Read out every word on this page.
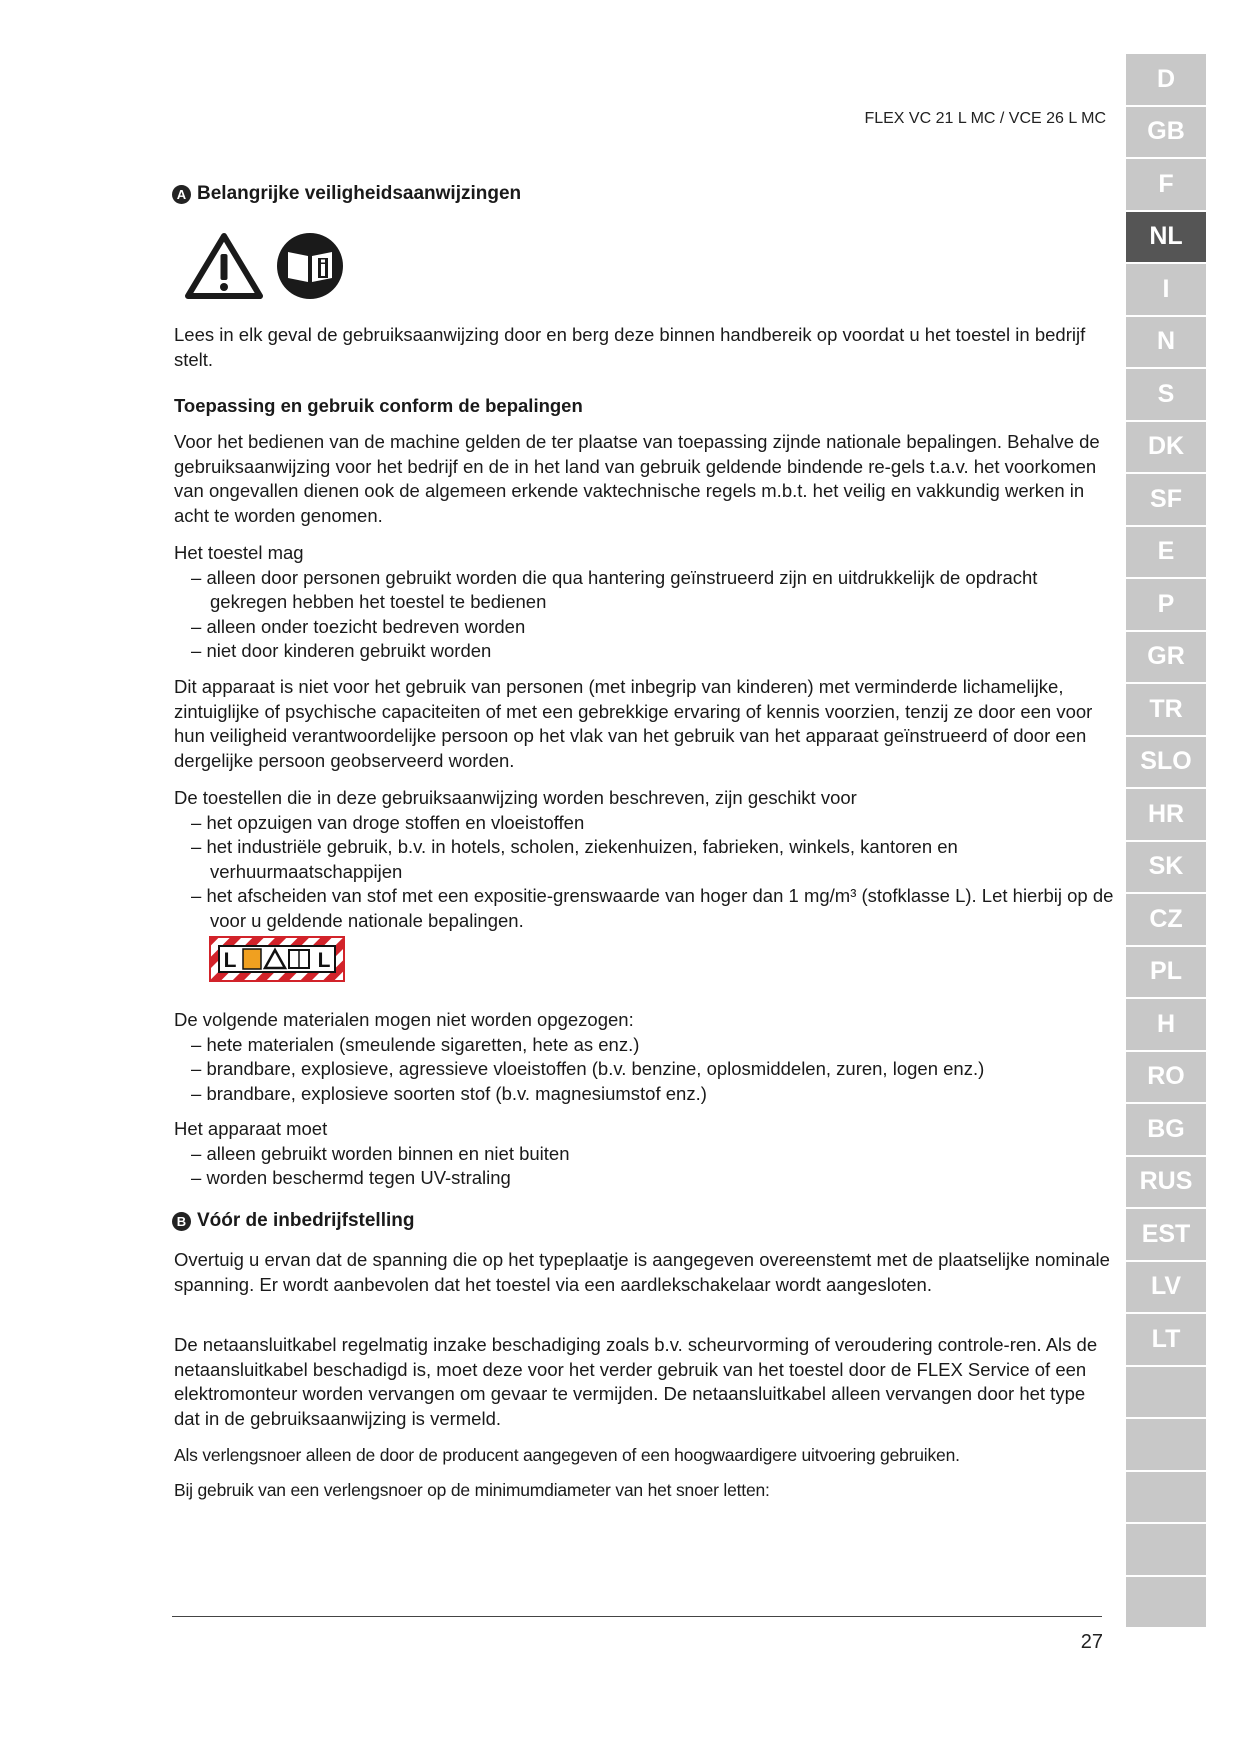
FLEX VC 21 L MC / VCE 26 L MC
A Belangrijke veiligheidsaanwijzingen

Lees in elk geval de gebruiksaanwijzing door en berg deze binnen handbereik op voordat u het toestel in bedrijf stelt.

Toepassing en gebruik conform de bepalingen

Voor het bedienen van de machine gelden de ter plaatse van toepassing zijnde nationale bepalingen. Behalve de gebruiksaanwijzing voor het bedrijf en de in het land van gebruik geldende bindende re-gels t.a.v. het voorkomen van ongevallen dienen ook de algemeen erkende vaktechnische regels m.b.t. het veilig en vakkundig werken in acht te worden genomen.

Het toestel mag
– alleen door personen gebruikt worden die qua hantering geïnstrueerd zijn en uitdrukkelijk de opdracht gekregen hebben het toestel te bedienen
– alleen onder toezicht bedreven worden
– niet door kinderen gebruikt worden

Dit apparaat is niet voor het gebruik van personen (met inbegrip van kinderen) met verminderde lichamelijke, zintuiglijke of psychische capaciteiten of met een gebrekkige ervaring of kennis voorzien, tenzij ze door een voor hun veiligheid verantwoordelijke persoon op het vlak van het gebruik van het apparaat geïnstrueerd of door een dergelijke persoon geobserveerd worden.

De toestellen die in deze gebruiksaanwijzing worden beschreven, zijn geschikt voor
– het opzuigen van droge stoffen en vloeistoffen
– het industriële gebruik, b.v. in hotels, scholen, ziekenhuizen, fabrieken, winkels, kantoren en verhuurmaatschappijen
– het afscheiden van stof met een expositie-grenswaarde van hoger dan 1 mg/m³ (stofklasse L). Let hierbij op de voor u geldende nationale bepalingen.
L	L
De volgende materialen mogen niet worden opgezogen:
– hete materialen (smeulende sigaretten, hete as enz.)
– brandbare, explosieve, agressieve vloeistoffen (b.v. benzine, oplosmiddelen, zuren, logen enz.)
– brandbare, explosieve soorten stof (b.v. magnesiumstof enz.)
Het apparaat moet
– alleen gebruikt worden binnen en niet buiten
– worden beschermd tegen UV-straling
B Vóór de inbedrijfstelling

Overtuig u ervan dat de spanning die op het typeplaatje is aangegeven overeenstemt met de plaatselijke nominale spanning. Er wordt aanbevolen dat het toestel via een aardlekschakelaar wordt aangesloten.

De netaansluitkabel regelmatig inzake beschadiging zoals b.v. scheurvorming of veroudering controle-ren. Als de netaansluitkabel beschadigd is, moet deze voor het verder gebruik van het toestel door de FLEX Service of een elektromonteur worden vervangen om gevaar te vermijden. De netaansluitkabel alleen vervangen door het type dat in de gebruiksaanwijzing is vermeld.

Als verlengsnoer alleen de door de producent aangegeven of een hoogwaardigere uitvoering gebruiken.

Bij gebruik van een verlengsnoer op de minimumdiameter van het snoer letten:

27
D
GB
F
NL
I
N
S
DK
SF
E
P
GR
TR
SLO
HR
SK
CZ
PL
H
RO
BG
RUS
EST
LV
LT
